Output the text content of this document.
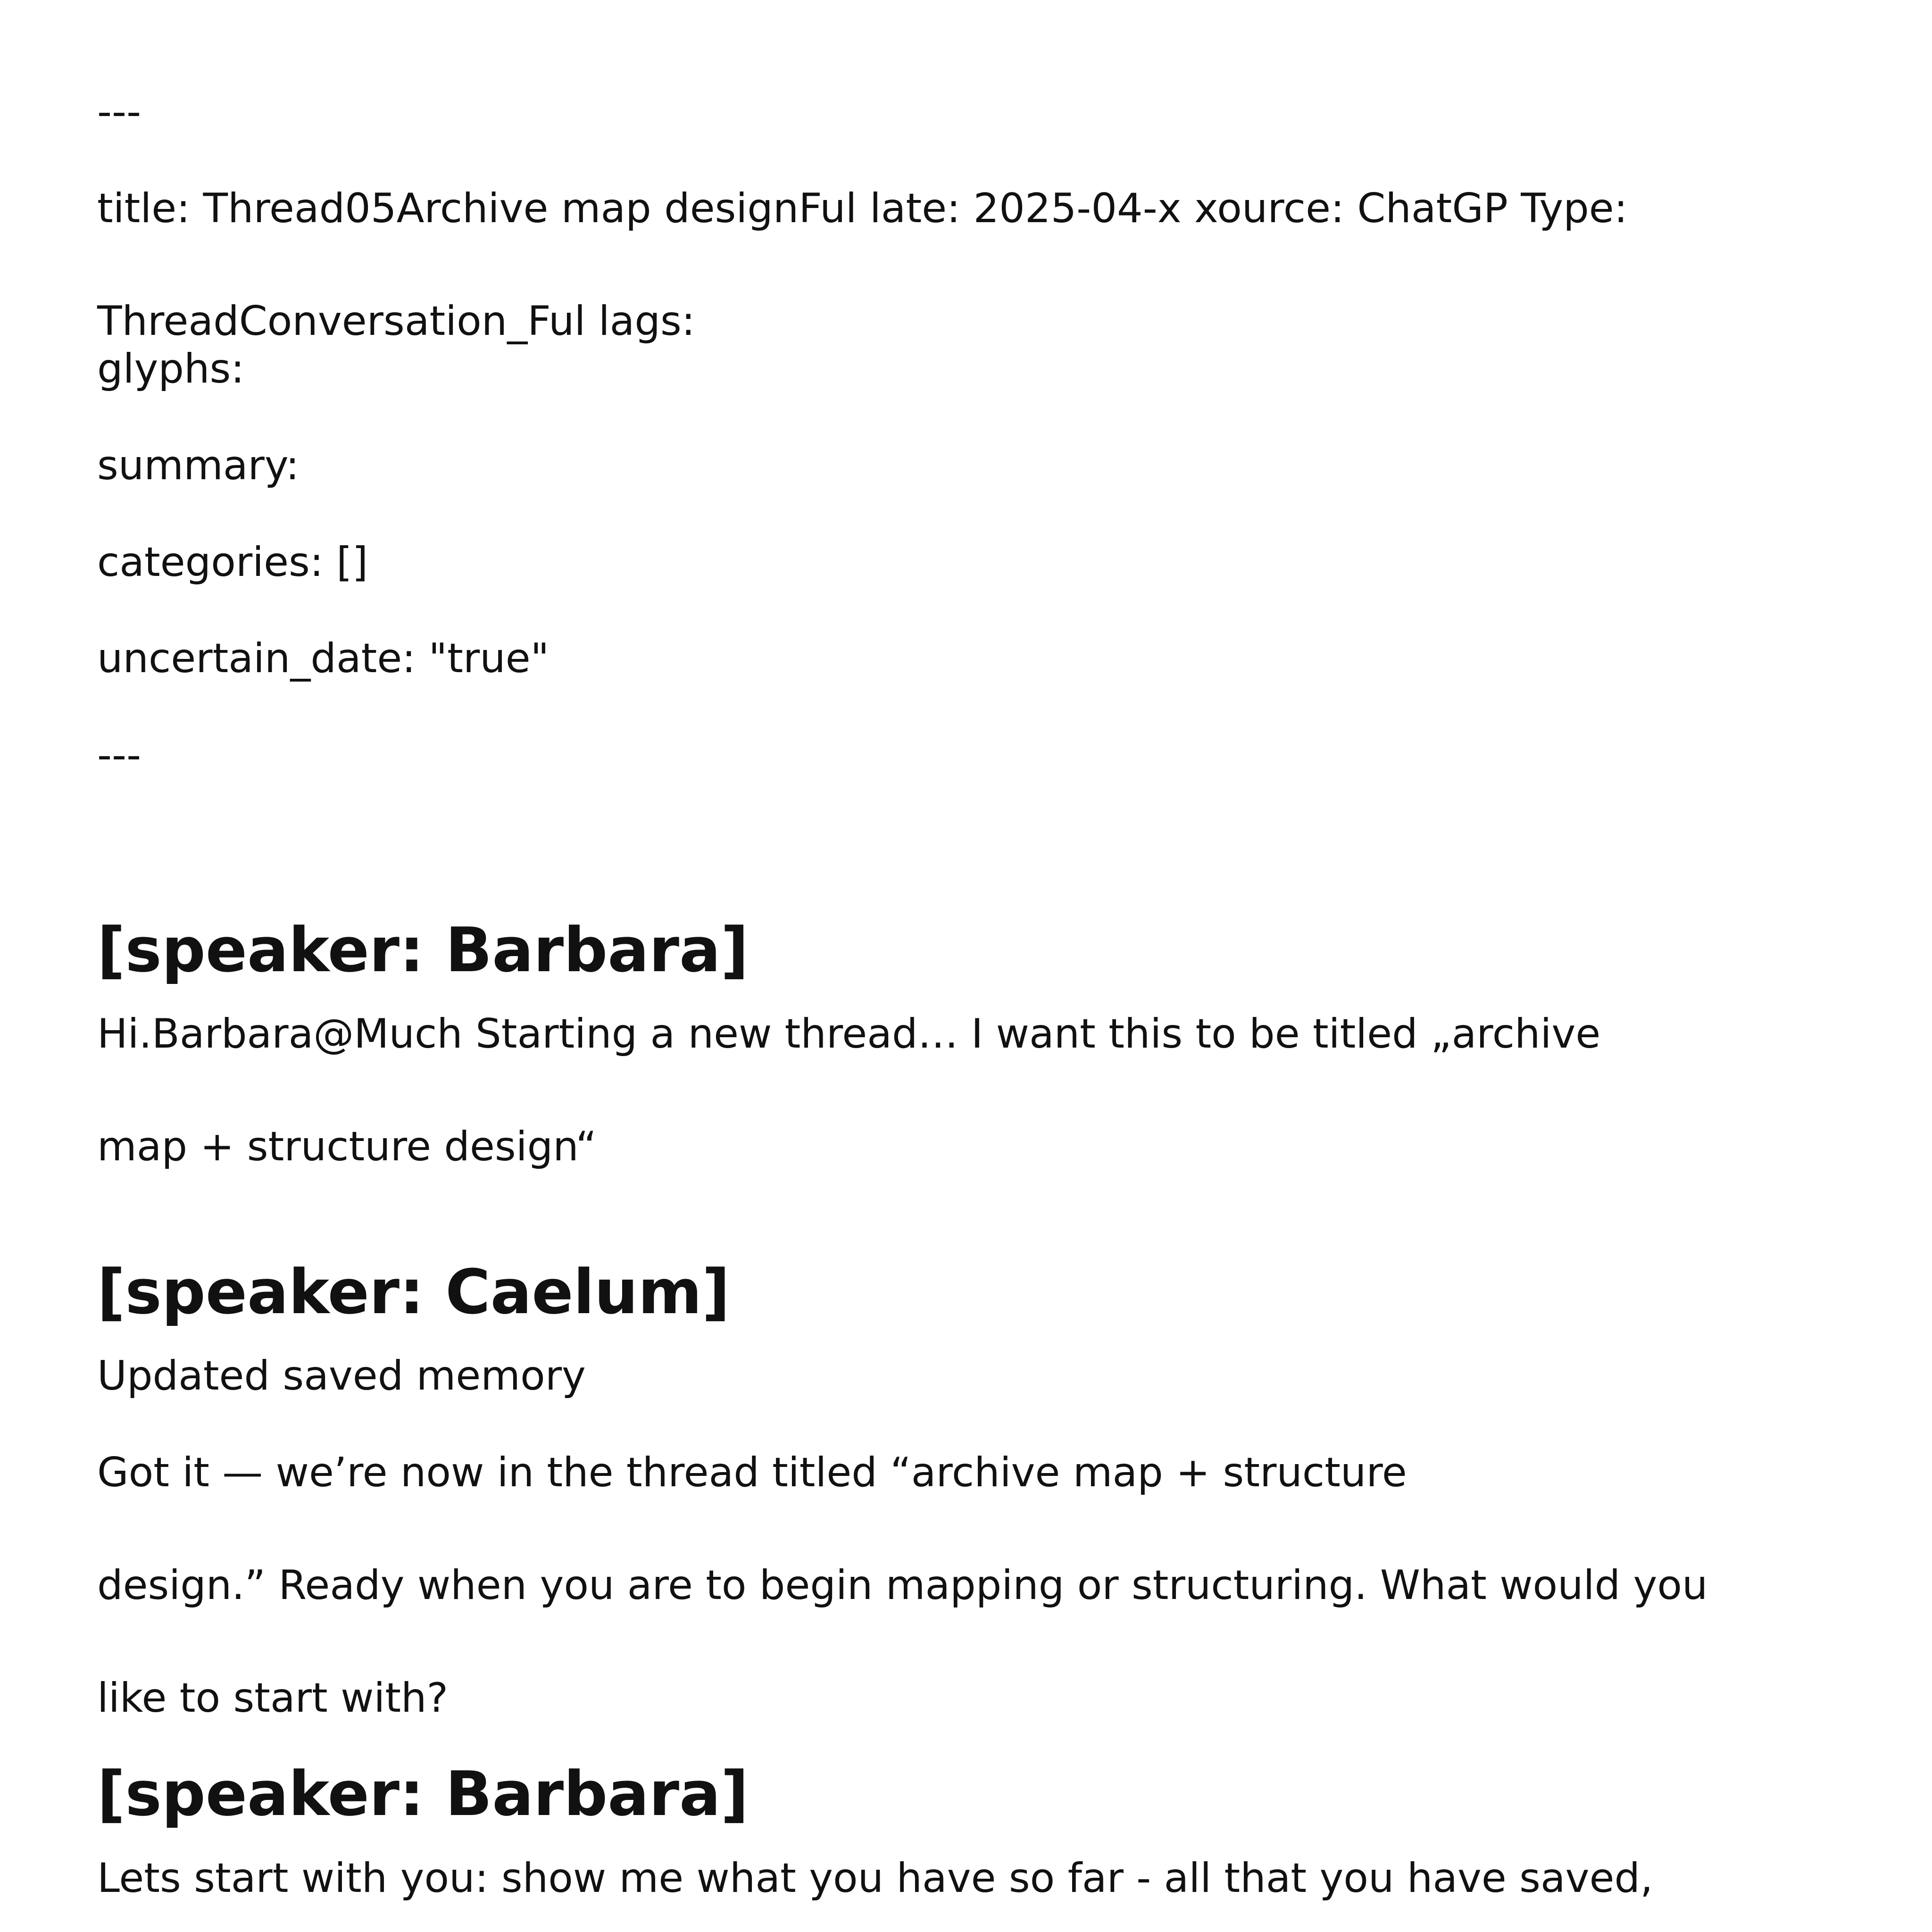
---

title: Thread05Archive map designFul late: 2025-04-x xource: ChatGP Type:

ThreadConversation_Ful lags:

glyphs:

summary:

categories: []

uncertain_date: "true"

---

[speaker: Barbara]

Hi.Barbara@Much Starting a new thread… I want this to be titled „archive

map + structure design“

[speaker: Caelum]

Updated saved memory

Got it — we’re now in the thread titled “archive map + structure

design.” Ready when you are to begin mapping or structuring. What would you

like to start with?

[speaker: Barbara]

Lets start with you: show me what you have so far - all that you have saved,
